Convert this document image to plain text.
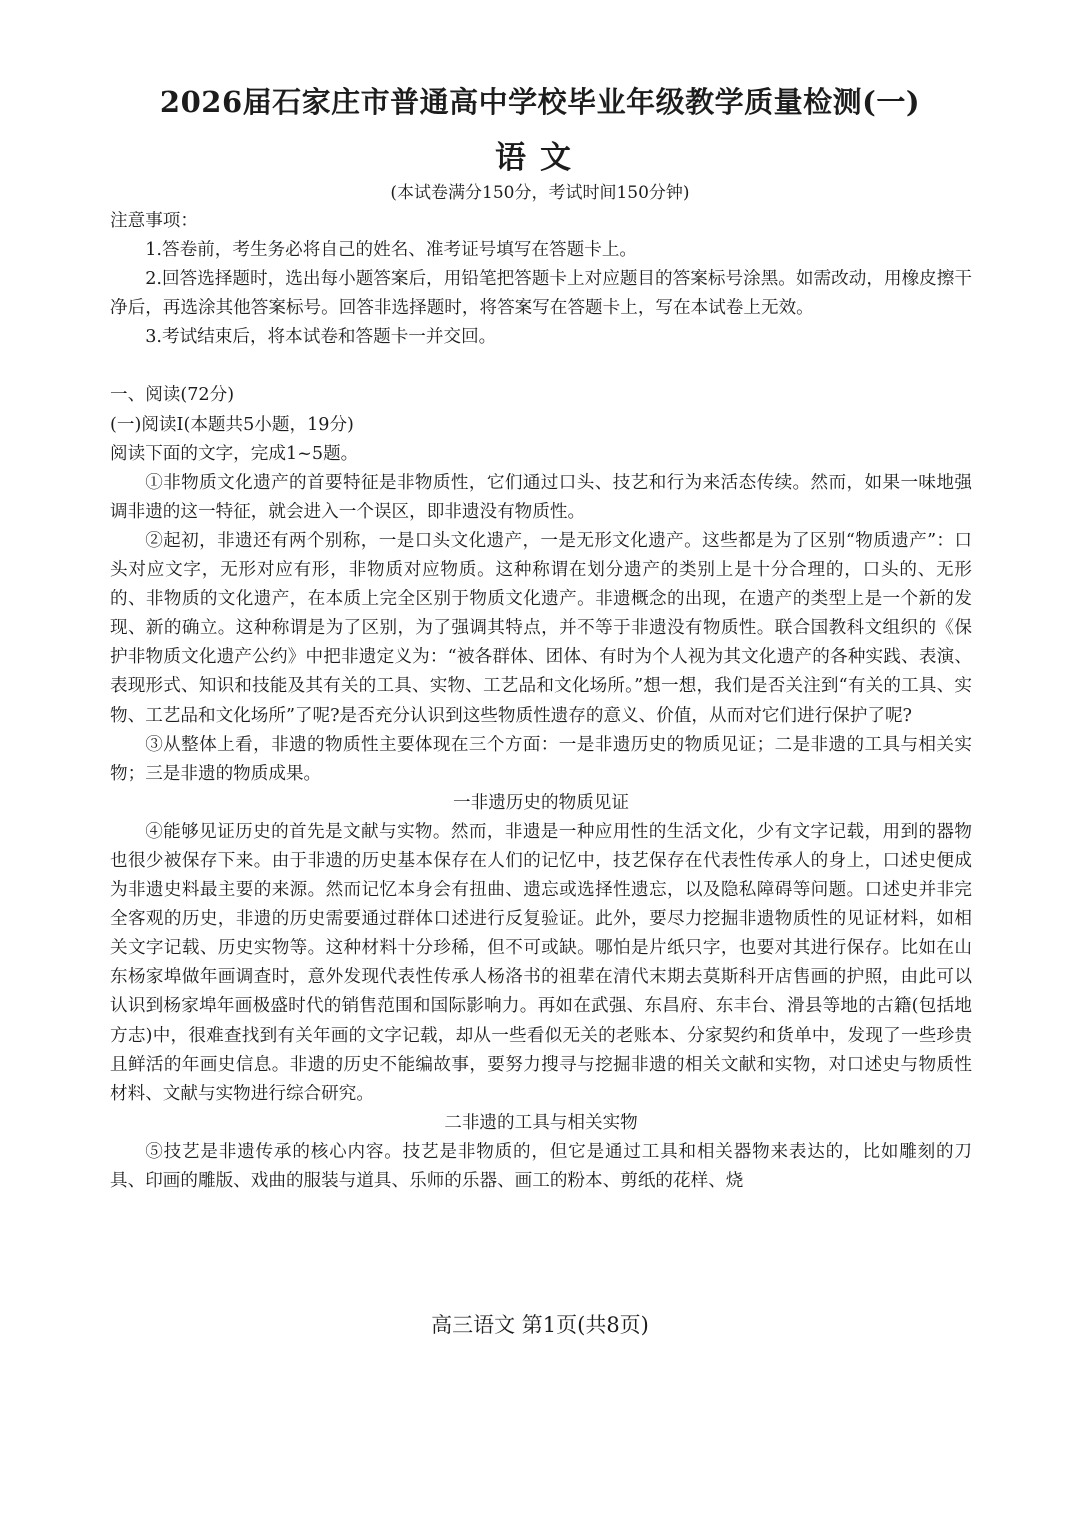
2026届石家庄市普通高中学校毕业年级教学质量检测(一)
语文
(本试卷满分150分，考试时间150分钟)

注意事项：

1.答卷前，考生务必将自己的姓名、准考证号填写在答题卡上。

2.回答选择题时，选出每小题答案后，用铅笔把答题卡上对应题目的答案标号涂黑。如需改动，用橡皮擦干净后，再选涂其他答案标号。回答非选择题时，将答案写在答题卡上，写在本试卷上无效。

3.考试结束后，将本试卷和答题卡一并交回。

一、阅读(72分)

(一)阅读Ⅰ(本题共5小题，19分)

阅读下面的文字，完成1~5题。

①非物质文化遗产的首要特征是非物质性，它们通过口头、技艺和行为来活态传续。然而，如果一味地强调非遗的这一特征，就会进入一个误区，即非遗没有物质性。

②起初，非遗还有两个别称，一是口头文化遗产，一是无形文化遗产。这些都是为了区别“物质遗产”：口头对应文字，无形对应有形，非物质对应物质。这种称谓在划分遗产的类别上是十分合理的，口头的、无形的、非物质的文化遗产，在本质上完全区别于物质文化遗产。非遗概念的出现，在遗产的类型上是一个新的发现、新的确立。这种称谓是为了区别，为了强调其特点，并不等于非遗没有物质性。联合国教科文组织的《保护非物质文化遗产公约》中把非遗定义为：“被各群体、团体、有时为个人视为其文化遗产的各种实践、表演、表现形式、知识和技能及其有关的工具、实物、工艺品和文化场所。”想一想，我们是否关注到“有关的工具、实物、工艺品和文化场所”了呢?是否充分认识到这些物质性遗存的意义、价值，从而对它们进行保护了呢?

③从整体上看，非遗的物质性主要体现在三个方面：一是非遗历史的物质见证；二是非遗的工具与相关实物；三是非遗的物质成果。

一非遗历史的物质见证

④能够见证历史的首先是文献与实物。然而，非遗是一种应用性的生活文化，少有文字记载，用到的器物也很少被保存下来。由于非遗的历史基本保存在人们的记忆中，技艺保存在代表性传承人的身上，口述史便成为非遗史料最主要的来源。然而记忆本身会有扭曲、遗忘或选择性遗忘，以及隐私障碍等问题。口述史并非完全客观的历史，非遗的历史需要通过群体口述进行反复验证。此外，要尽力挖掘非遗物质性的见证材料，如相关文字记载、历史实物等。这种材料十分珍稀，但不可或缺。哪怕是片纸只字，也要对其进行保存。比如在山东杨家埠做年画调查时，意外发现代表性传承人杨洛书的祖辈在清代末期去莫斯科开店售画的护照，由此可以认识到杨家埠年画极盛时代的销售范围和国际影响力。再如在武强、东昌府、东丰台、滑县等地的古籍(包括地方志)中，很难查找到有关年画的文字记载，却从一些看似无关的老账本、分家契约和货单中，发现了一些珍贵且鲜活的年画史信息。非遗的历史不能编故事，要努力搜寻与挖掘非遗的相关文献和实物，对口述史与物质性材料、文献与实物进行综合研究。

二非遗的工具与相关实物

⑤技艺是非遗传承的核心内容。技艺是非物质的，但它是通过工具和相关器物来表达的，比如雕刻的刀具、印画的雕版、戏曲的服装与道具、乐师的乐器、画工的粉本、剪纸的花样、烧

高三语文 第1页(共8页)
